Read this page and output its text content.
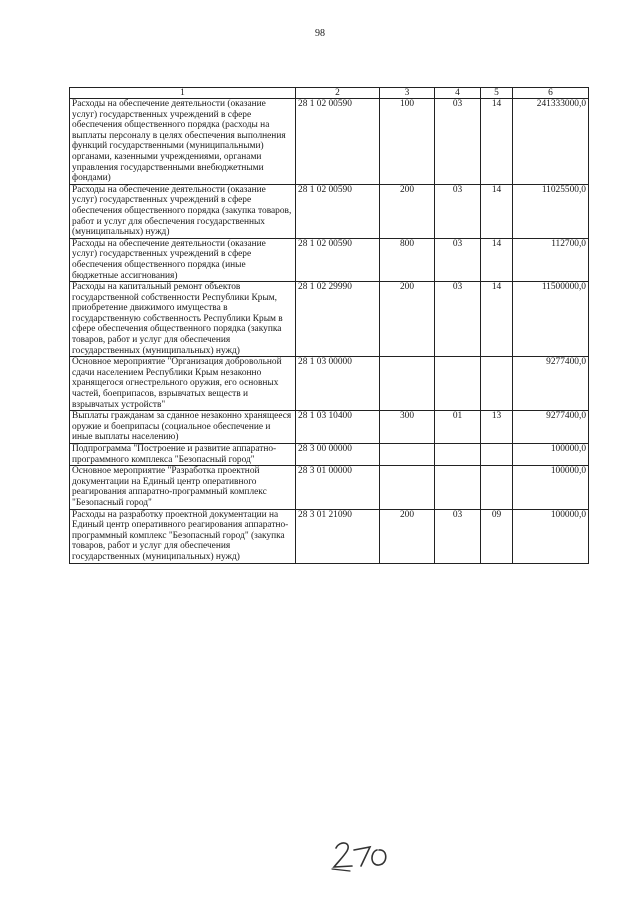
98
1	2	3	4	5	6
Расходы на обеспечение деятельности (оказание услуг) государственных учреждений в сфере обеспечения общественного порядка (расходы на выплаты персоналу в целях обеспечения выполнения функций государственными (муниципальными) органами, казенными учреждениями, органами управления государственными внебюджетными фондами)	28 1 02 00590	100	03	14	241333000,0
Расходы на обеспечение деятельности (оказание услуг) государственных учреждений в сфере обеспечения общественного порядка (закупка товаров, работ и услуг для обеспечения государственных (муниципальных) нужд)	28 1 02 00590	200	03	14	11025500,0
Расходы на обеспечение деятельности (оказание услуг) государственных учреждений в сфере обеспечения общественного порядка (иные бюджетные ассигнования)	28 1 02 00590	800	03	14	112700,0
Расходы на капитальный ремонт объектов государственной собственности Республики Крым, приобретение движимого имущества в государственную собственность Республики Крым в сфере обеспечения общественного порядка (закупка товаров, работ и услуг для обеспечения государственных (муниципальных) нужд)	28 1 02 29990	200	03	14	11500000,0
Основное мероприятие "Организация добровольной сдачи населением Республики Крым незаконно хранящегося огнестрельного оружия, его основных частей, боеприпасов, взрывчатых веществ и взрывчатых устройств"	28 1 03 00000				9277400,0
Выплаты гражданам за сданное незаконно хранящееся оружие и боеприпасы (социальное обеспечение и иные выплаты населению)	28 1 03 10400	300	01	13	9277400,0
Подпрограмма "Построение и развитие аппаратно-программного комплекса "Безопасный город"	28 3 00 00000				100000,0
Основное мероприятие "Разработка проектной документации на Единый центр оперативного реагирования аппаратно-программный комплекс "Безопасный город"	28 3 01 00000				100000,0
Расходы на разработку проектной документации на Единый центр оперативного реагирования аппаратно-программный комплекс "Безопасный город" (закупка товаров, работ и услуг для обеспечения государственных (муниципальных) нужд)	28 3 01 21090	200	03	09	100000,0
